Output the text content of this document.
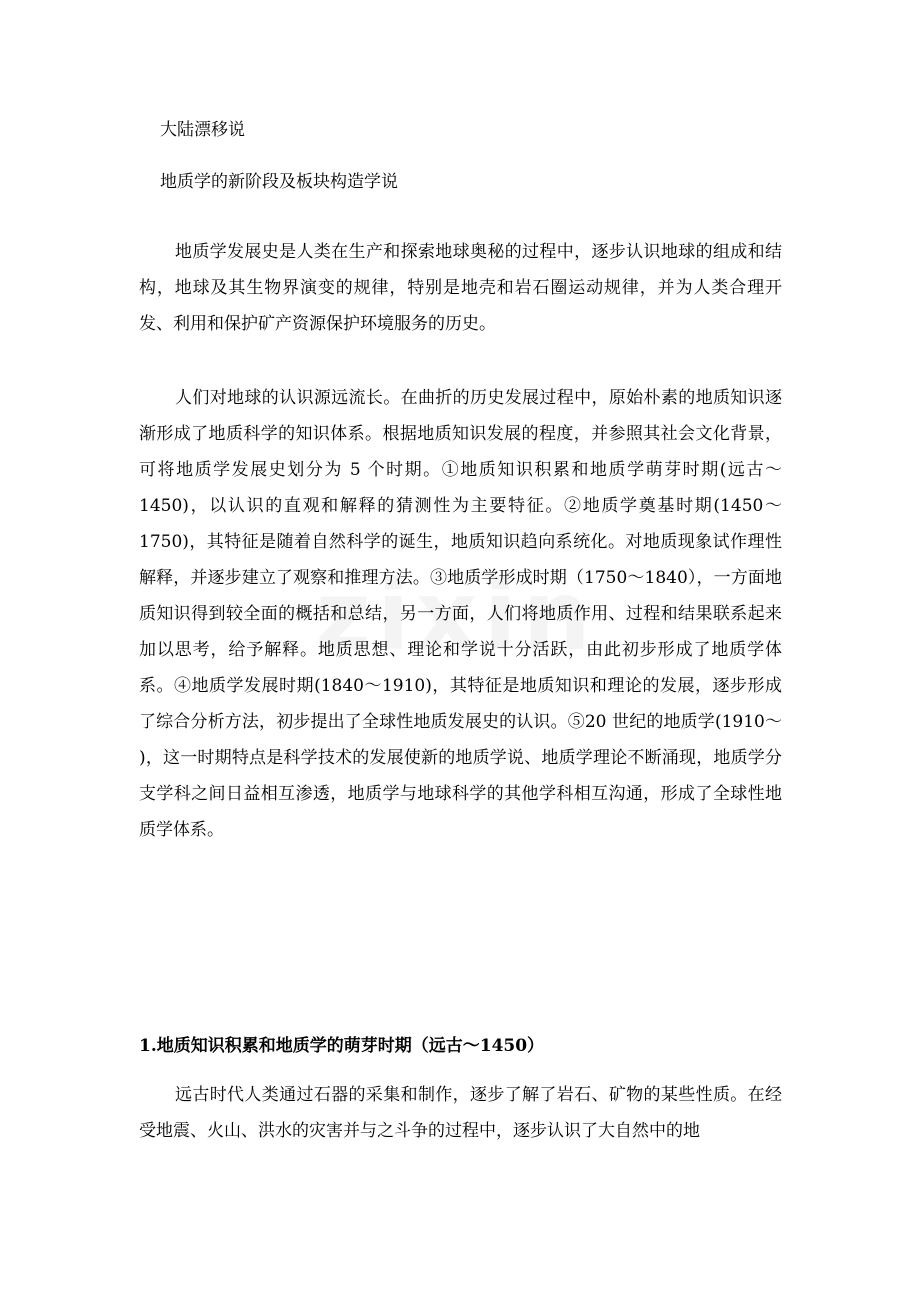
大陆漂移说
地质学的新阶段及板块构造学说

地质学发展史是人类在生产和探索地球奥秘的过程中，逐步认识地球的组成和结构，地球及其生物界演变的规律，特别是地壳和岩石圈运动规律，并为人类合理开发、利用和保护矿产资源保护环境服务的历史。

人们对地球的认识源远流长。在曲折的历史发展过程中，原始朴素的地质知识逐渐形成了地质科学的知识体系。根据地质知识发展的程度，并参照其社会文化背景，可将地质学发展史划分为 5 个时期。①地质知识积累和地质学萌芽时期(远古～1450)，以认识的直观和解释的猜测性为主要特征。②地质学奠基时期(1450～1750)，其特征是随着自然科学的诞生，地质知识趋向系统化。对地质现象试作理性解释，并逐步建立了观察和推理方法。③地质学形成时期（1750～1840），一方面地质知识得到较全面的概括和总结，另一方面，人们将地质作用、过程和结果联系起来加以思考，给予解释。地质思想、理论和学说十分活跃，由此初步形成了地质学体系。④地质学发展时期(1840～1910)，其特征是地质知识和理论的发展，逐步形成了综合分析方法，初步提出了全球性地质发展史的认识。⑤20 世纪的地质学(1910～　 )，这一时期特点是科学技术的发展使新的地质学说、地质学理论不断涌现，地质学分支学科之间日益相互渗透，地质学与地球科学的其他学科相互沟通，形成了全球性地质学体系。

1.地质知识积累和地质学的萌芽时期（远古～1450）

远古时代人类通过石器的采集和制作，逐步了解了岩石、矿物的某些性质。在经受地震、火山、洪水的灾害并与之斗争的过程中，逐步认识了大自然中的地
